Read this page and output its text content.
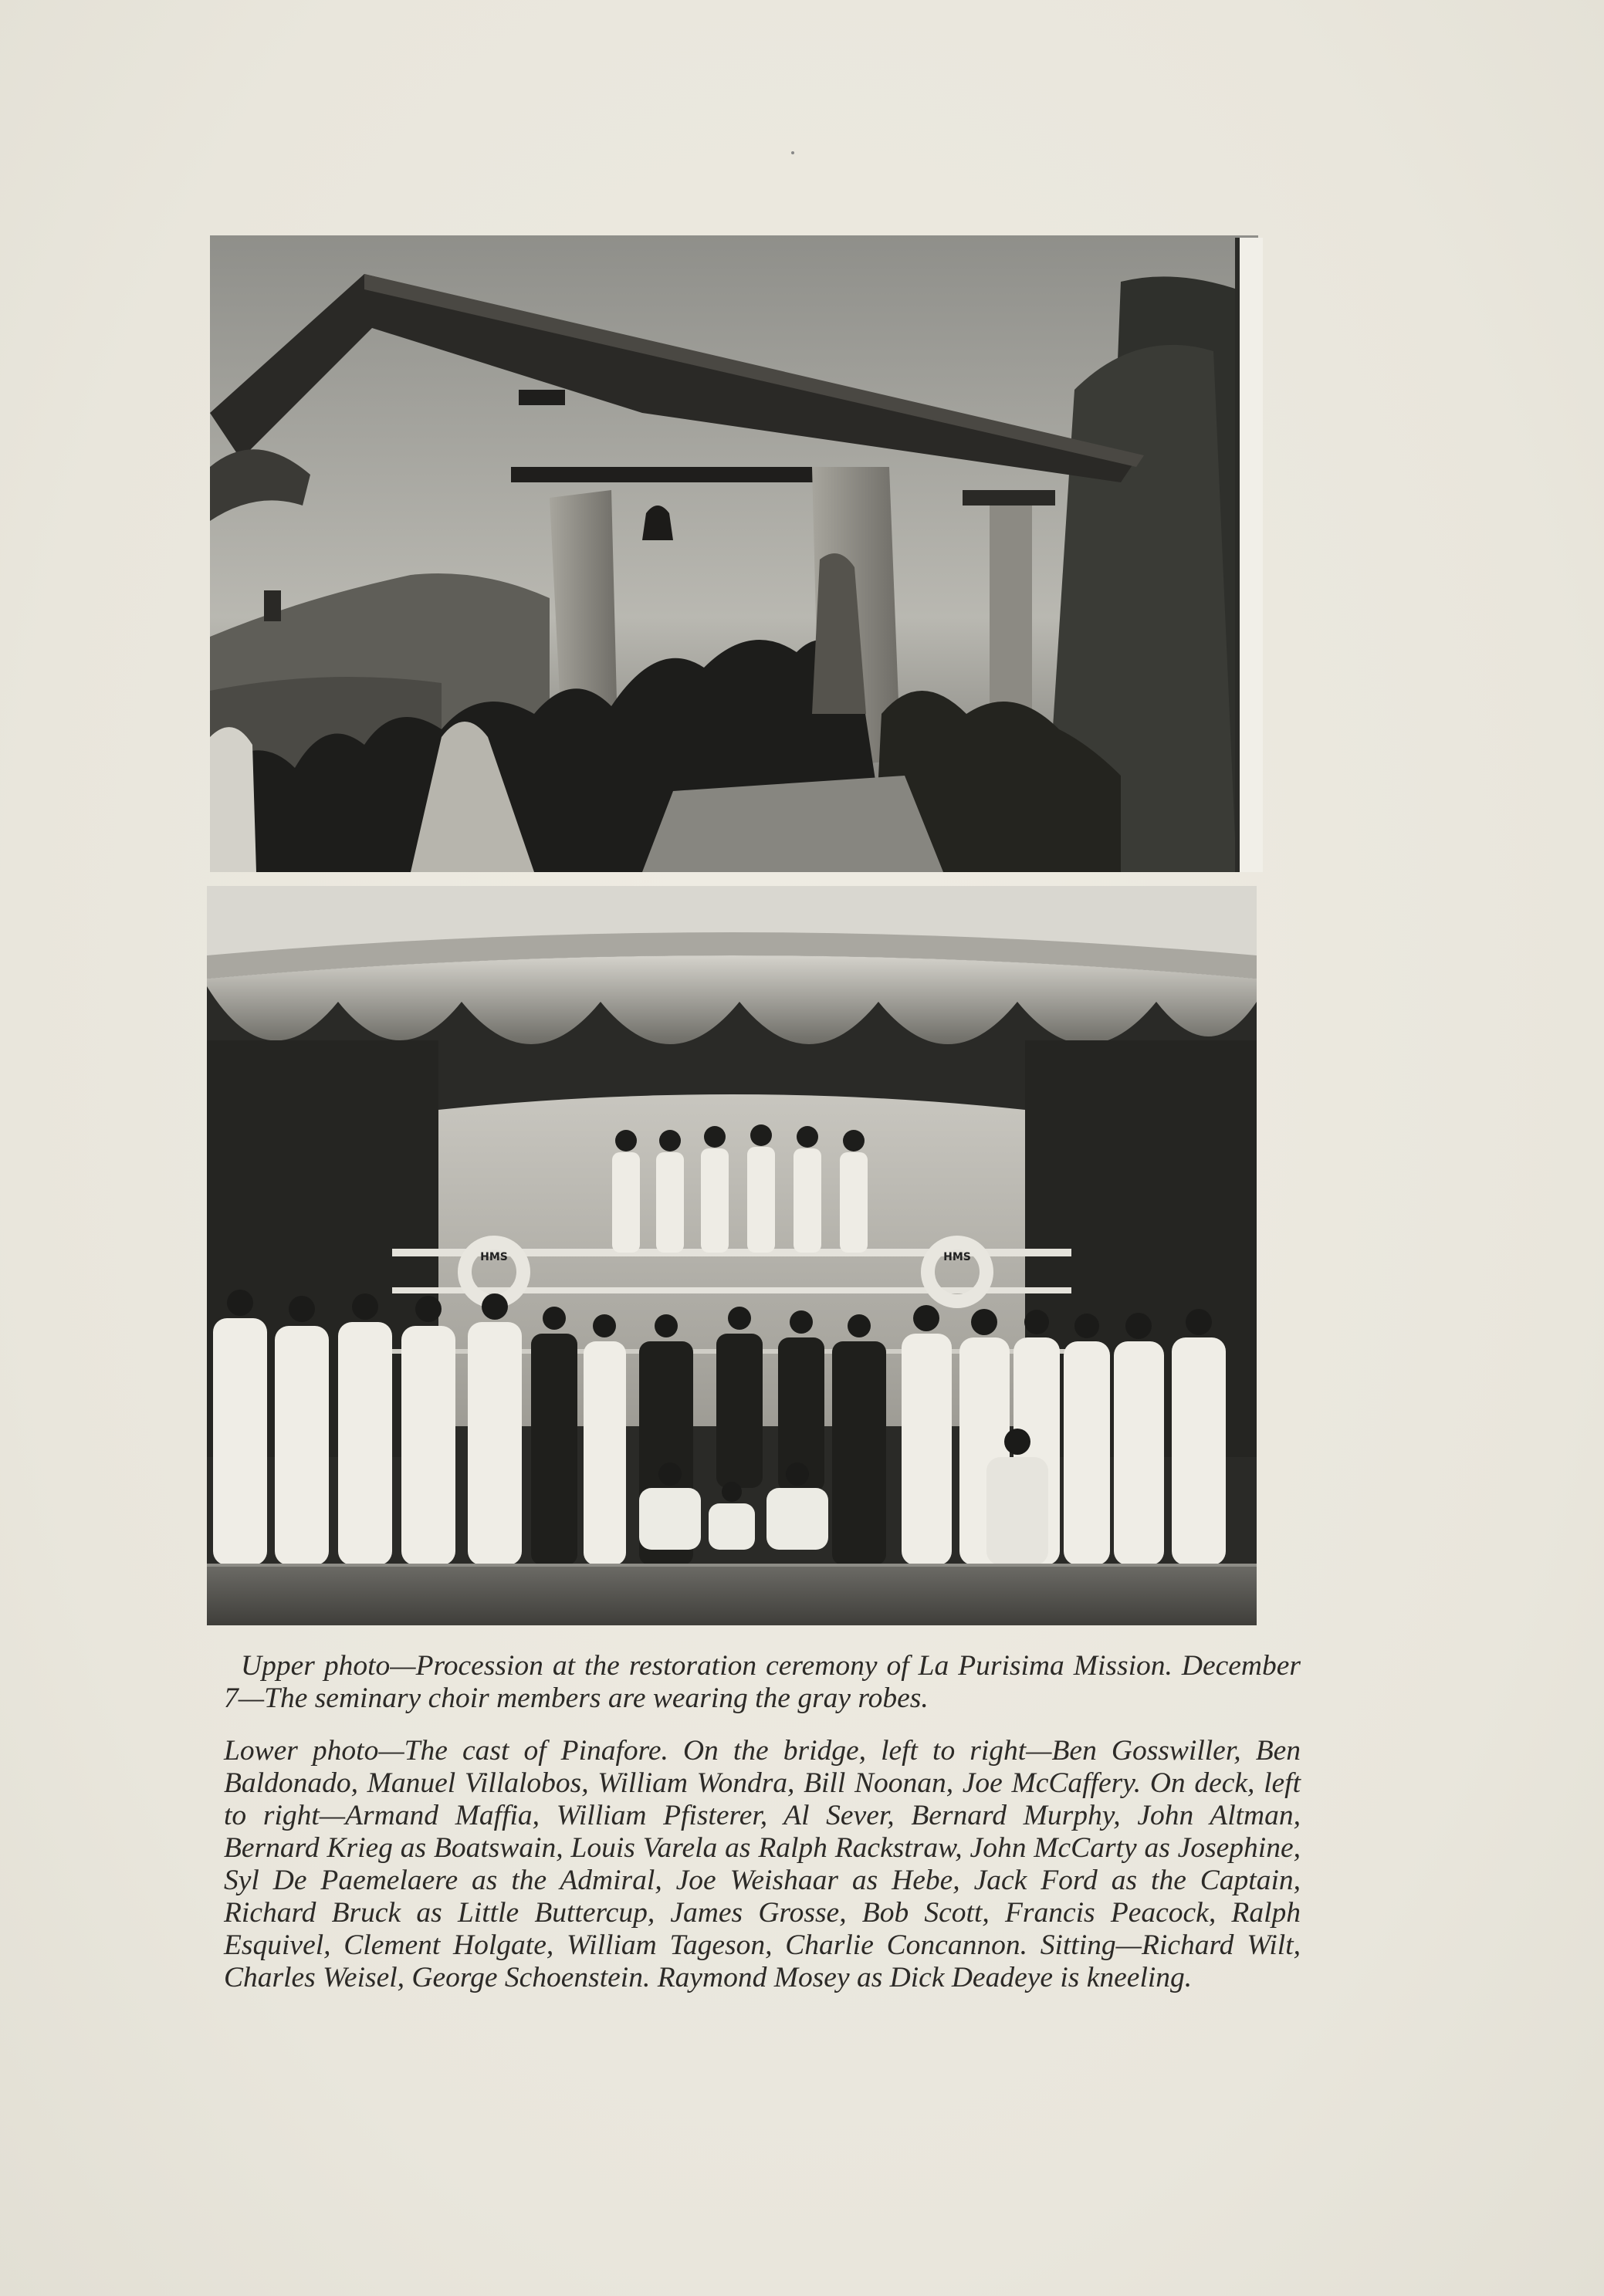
HMS	HMS

Upper photo—Procession at the restoration ceremony of La Purisima Mission. December 7—The seminary choir members are wearing the gray robes.

Lower photo—The cast of Pinafore. On the bridge, left to right—Ben Gosswiller, Ben Baldonado, Manuel Villalobos, William Wondra, Bill Noonan, Joe McCaffery. On deck, left to right—Armand Maffia, William Pfisterer, Al Sever, Bernard Murphy, John Altman, Bernard Krieg as Boatswain, Louis Varela as Ralph Rackstraw, John McCarty as Josephine, Syl De Paemelaere as the Admiral, Joe Weishaar as Hebe, Jack Ford as the Captain, Richard Bruck as Little Buttercup, James Grosse, Bob Scott, Francis Peacock, Ralph Esquivel, Clement Holgate, William Tageson, Charlie Concannon. Sitting—Richard Wilt, Charles Weisel, George Schoenstein. Raymond Mosey as Dick Deadeye is kneeling.
